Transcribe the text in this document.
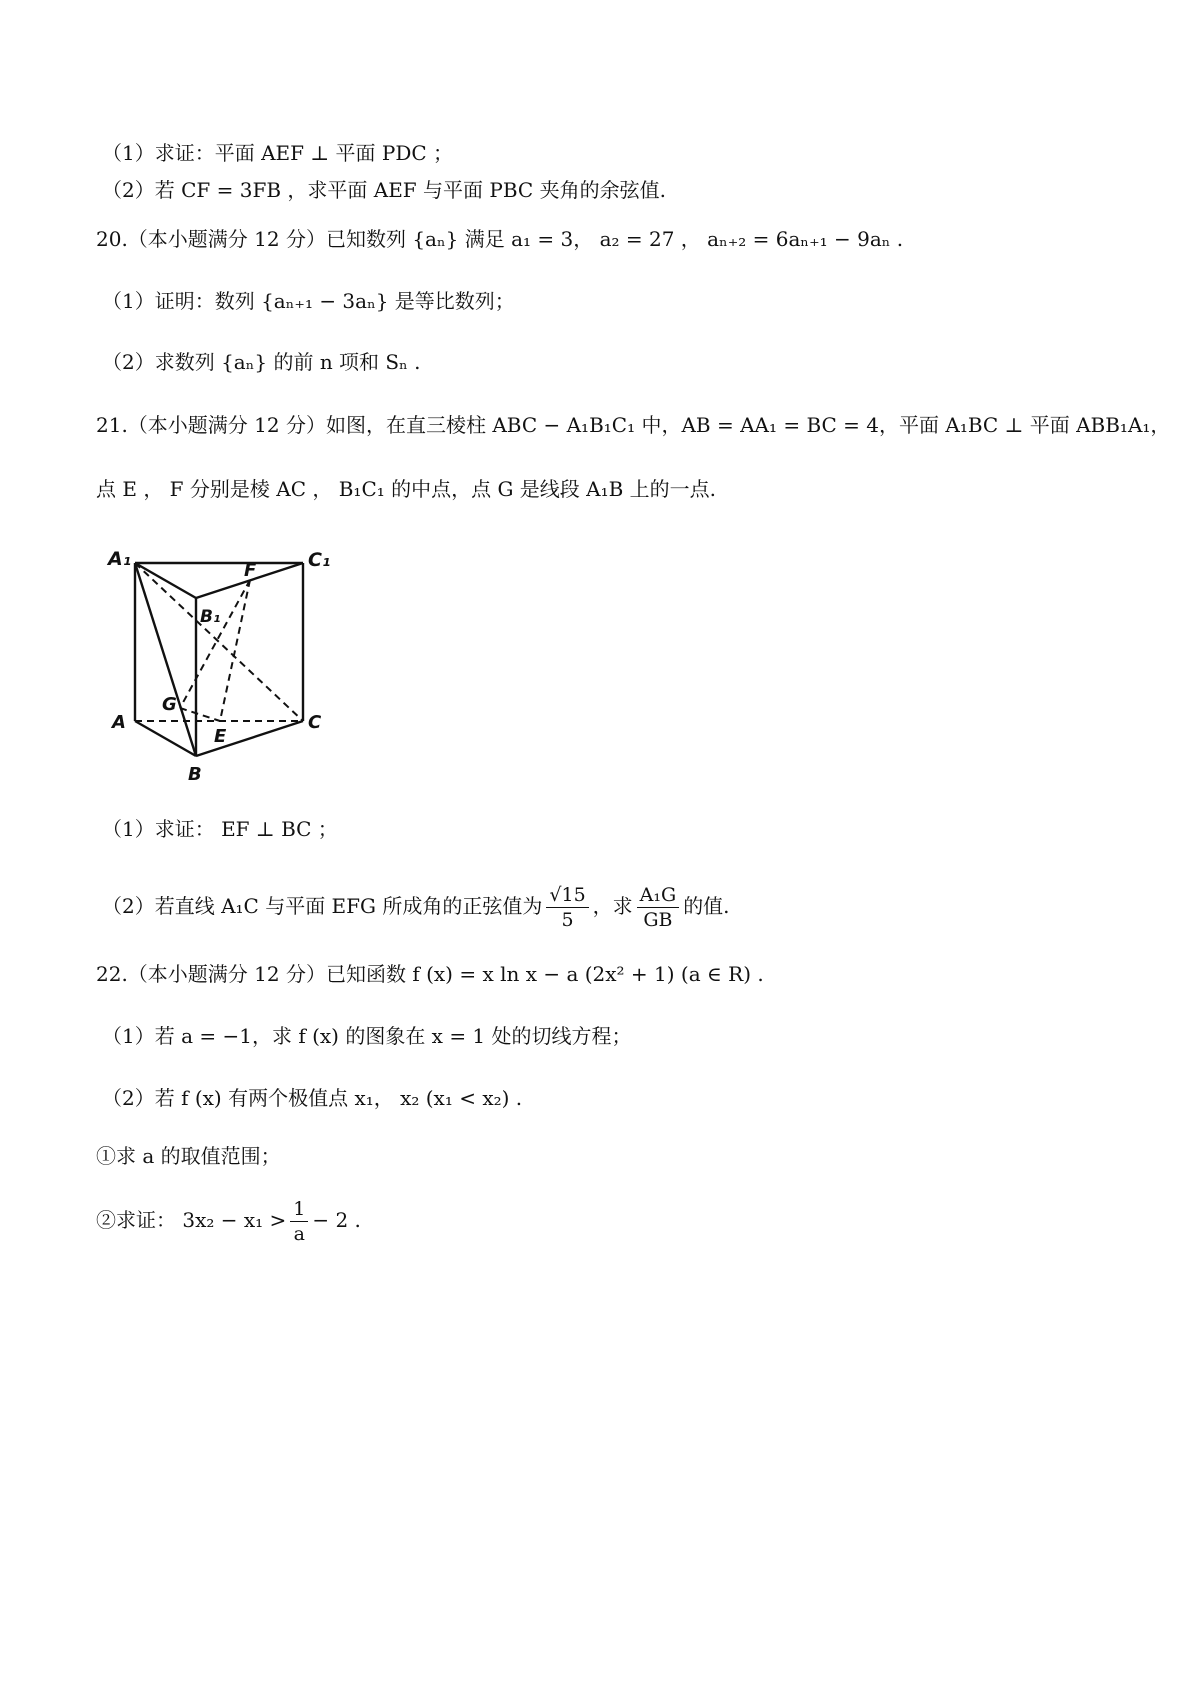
（1）求证：平面 AEF ⊥ 平面 PDC ；
（2）若 CF = 3FB ，求平面 AEF 与平面 PBC 夹角的余弦值.
20.（本小题满分 12 分）已知数列 {aₙ} 满足 a₁ = 3， a₂ = 27 ， aₙ₊₂ = 6aₙ₊₁ − 9aₙ .
（1）证明：数列 {aₙ₊₁ − 3aₙ} 是等比数列；
（2）求数列 {aₙ} 的前 n 项和 Sₙ .
21.（本小题满分 12 分）如图，在直三棱柱 ABC − A₁B₁C₁ 中，AB = AA₁ = BC = 4，平面 A₁BC ⊥ 平面 ABB₁A₁，
点 E ， F 分别是棱 AC ， B₁C₁ 的中点，点 G 是线段 A₁B 上的一点.
A₁	C₁
B₁
F
G
A
E
C
B
（1）求证： EF ⊥ BC ；
（2）若直线 A₁C 与平面 EFG 所成角的正弦值为 $\frac{√15}{5}$ ，求 $\frac{\text{A₁G}}{GB}$ 的值.
22.（本小题满分 12 分）已知函数 f (x) = x ln x − a (2x² + 1) (a ∈ R) .
（1）若 a = −1，求 f (x) 的图象在 x = 1 处的切线方程；
（2）若 f (x) 有两个极值点 x₁， x₂ (x₁ < x₂) .
①求 a 的取值范围；
②求证： $3x_2 - x_1 > \frac{1}{a} - 2$ .
